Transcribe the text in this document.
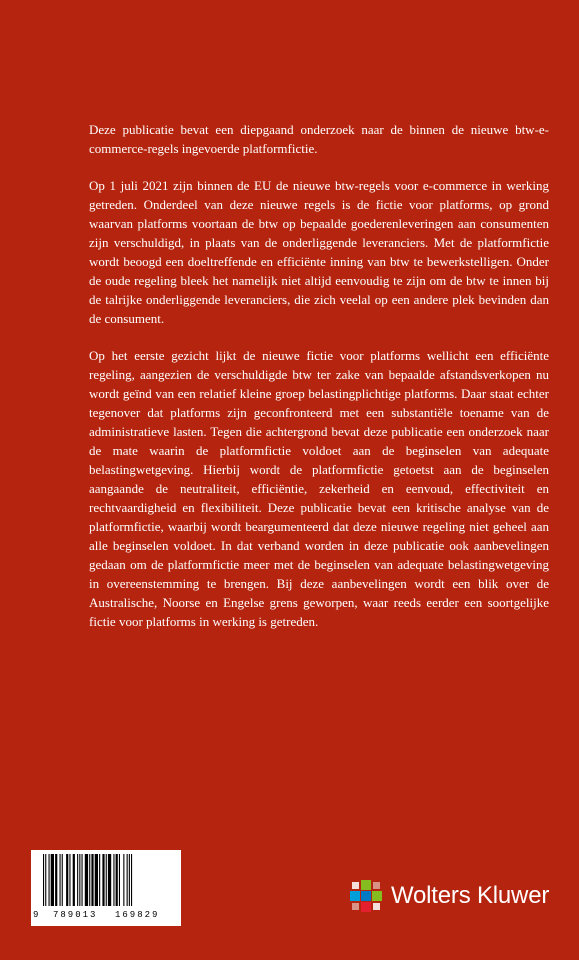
Deze publicatie bevat een diepgaand onderzoek naar de binnen de nieuwe btw-e-commerce-regels ingevoerde platformfictie.

Op 1 juli 2021 zijn binnen de EU de nieuwe btw-regels voor e-commerce in werking getreden. Onderdeel van deze nieuwe regels is de fictie voor platforms, op grond waarvan platforms voortaan de btw op bepaalde goederenleveringen aan consumenten zijn verschuldigd, in plaats van de onderliggende leveranciers. Met de platformfictie wordt beoogd een doeltreffende en efficiënte inning van btw te bewerkstelligen. Onder de oude regeling bleek het namelijk niet altijd eenvoudig te zijn om de btw te innen bij de talrijke onderliggende leveranciers, die zich veelal op een andere plek bevinden dan de consument.

Op het eerste gezicht lijkt de nieuwe fictie voor platforms wellicht een efficiënte regeling, aangezien de verschuldigde btw ter zake van bepaalde afstandsverkopen nu wordt geïnd van een relatief kleine groep belastingplichtige platforms. Daar staat echter tegenover dat platforms zijn geconfronteerd met een substantiële toename van de administratieve lasten. Tegen die achtergrond bevat deze publicatie een onderzoek naar de mate waarin de platformfictie voldoet aan de beginselen van adequate belastingwetgeving. Hierbij wordt de platformfictie getoetst aan de beginselen aangaande de neutraliteit, efficiëntie, zekerheid en eenvoud, effectiviteit en rechtvaardigheid en flexibiliteit. Deze publicatie bevat een kritische analyse van de platformfictie, waarbij wordt beargumenteerd dat deze nieuwe regeling niet geheel aan alle beginselen voldoet. In dat verband worden in deze publicatie ook aanbevelingen gedaan om de platformfictie meer met de beginselen van adequate belastingwetgeving in overeenstemming te brengen. Bij deze aanbevelingen wordt een blik over de Australische, Noorse en Engelse grens geworpen, waar reeds eerder een soortgelijke fictie voor platforms in werking is getreden.

9 789013 169829
Wolters Kluwer
